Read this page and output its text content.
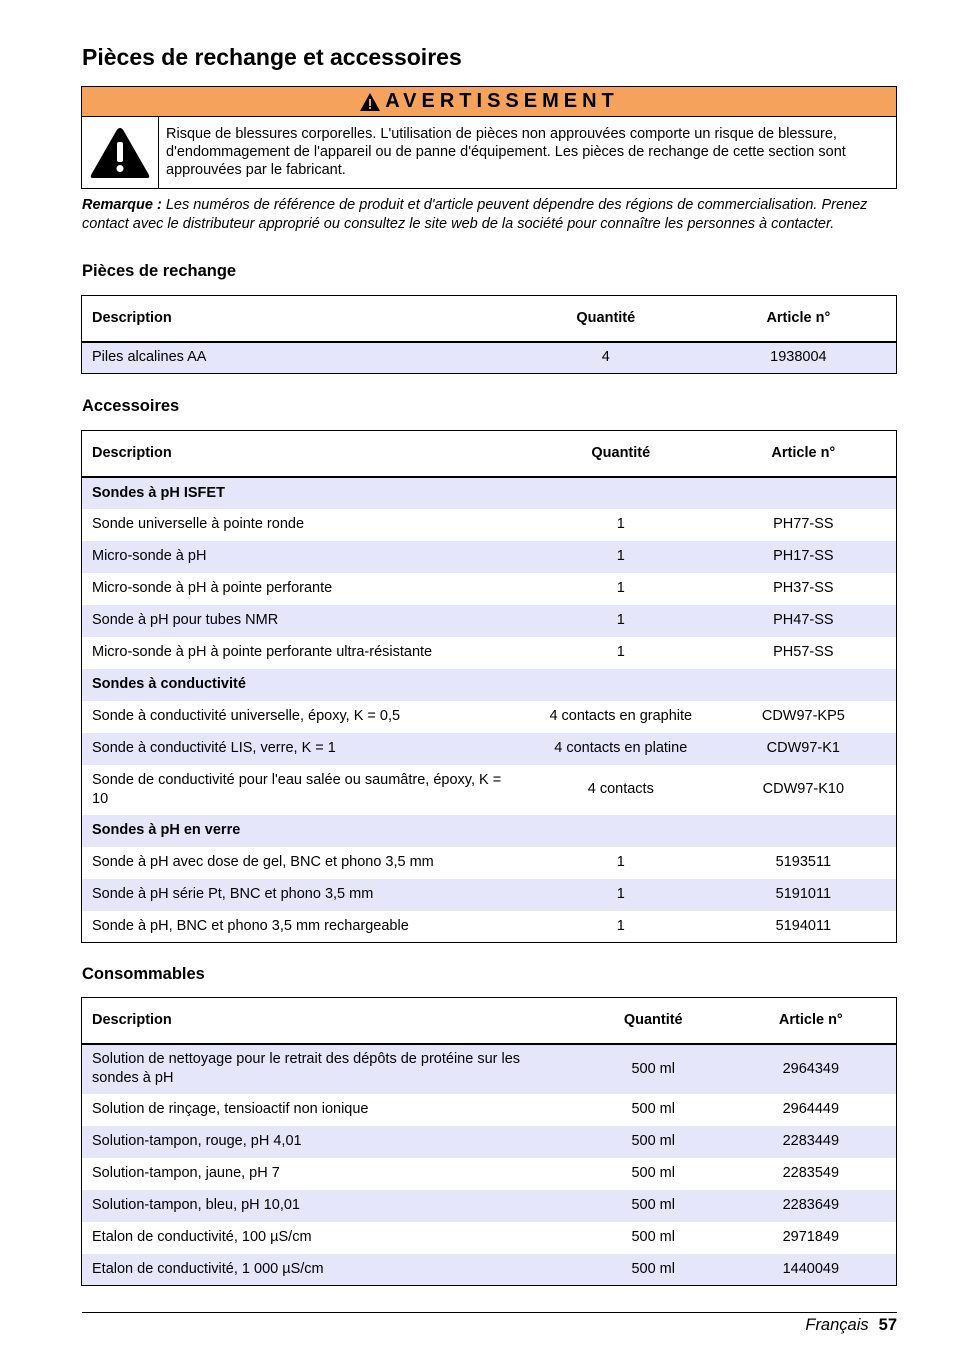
Pièces de rechange et accessoires
AVERTISSEMENT
Risque de blessures corporelles. L'utilisation de pièces non approuvées comporte un risque de blessure, d'endommagement de l'appareil ou de panne d'équipement. Les pièces de rechange de cette section sont approuvées par le fabricant.

Remarque : Les numéros de référence de produit et d'article peuvent dépendre des régions de commercialisation. Prenez contact avec le distributeur approprié ou consultez le site web de la société pour connaître les personnes à contacter.

Pièces de rechange
Description	Quantité	Article n°
Piles alcalines AA	4	1938004
Accessoires
Description	Quantité	Article n°
Sondes à pH ISFET		
Sonde universelle à pointe ronde	1	PH77-SS
Micro-sonde à pH	1	PH17-SS
Micro-sonde à pH à pointe perforante	1	PH37-SS
Sonde à pH pour tubes NMR	1	PH47-SS
Micro-sonde à pH à pointe perforante ultra-résistante	1	PH57-SS
Sondes à conductivité		
Sonde à conductivité universelle, époxy, K = 0,5	4 contacts en graphite	CDW97-KP5
Sonde à conductivité LIS, verre, K = 1	4 contacts en platine	CDW97-K1
Sonde de conductivité pour l'eau salée ou saumâtre, époxy, K = 10	4 contacts	CDW97-K10
Sondes à pH en verre		
Sonde à pH avec dose de gel, BNC et phono 3,5 mm	1	5193511
Sonde à pH série Pt, BNC et phono 3,5 mm	1	5191011
Sonde à pH, BNC et phono 3,5 mm rechargeable	1	5194011
Consommables
Description	Quantité	Article n°
Solution de nettoyage pour le retrait des dépôts de protéine sur les sondes à pH	500 ml	2964349
Solution de rinçage, tensioactif non ionique	500 ml	2964449
Solution-tampon, rouge, pH 4,01	500 ml	2283449
Solution-tampon, jaune, pH 7	500 ml	2283549
Solution-tampon, bleu, pH 10,01	500 ml	2283649
Etalon de conductivité, 100 µS/cm	500 ml	2971849
Etalon de conductivité, 1 000 µS/cm	500 ml	1440049
Français 57
